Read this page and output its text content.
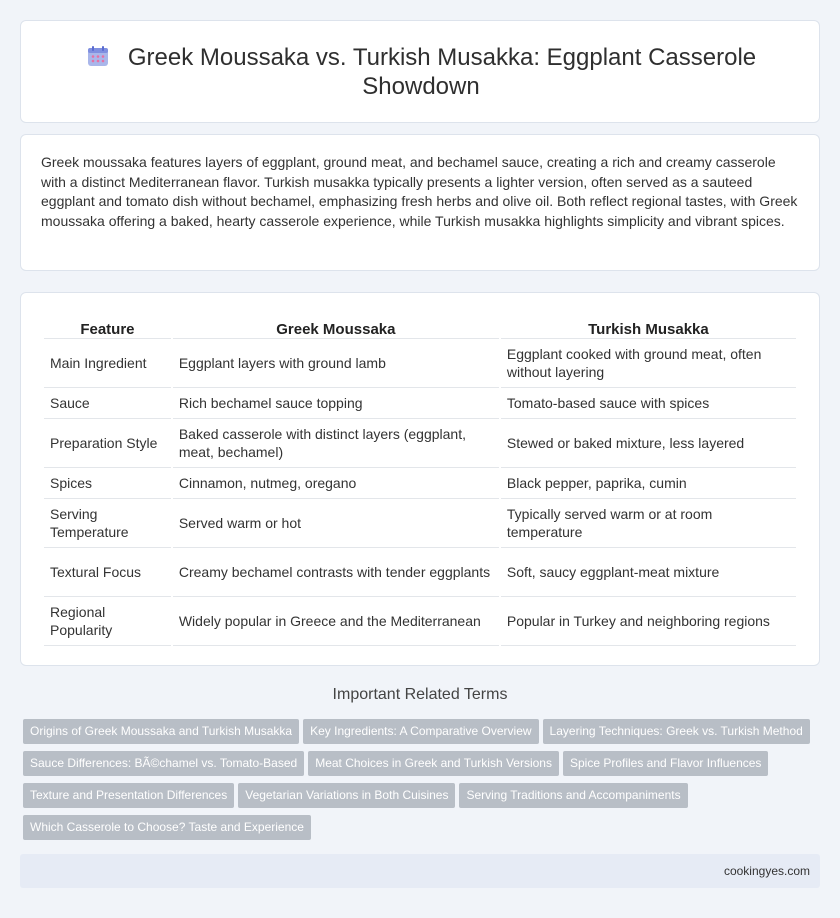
Greek Moussaka vs. Turkish Musakka: Eggplant Casserole Showdown

Greek moussaka features layers of eggplant, ground meat, and bechamel sauce, creating a rich and creamy casserole with a distinct Mediterranean flavor. Turkish musakka typically presents a lighter version, often served as a sauteed eggplant and tomato dish without bechamel, emphasizing fresh herbs and olive oil. Both reflect regional tastes, with Greek moussaka offering a baked, hearty casserole experience, while Turkish musakka highlights simplicity and vibrant spices.

Feature	Greek Moussaka	Turkish Musakka
Main Ingredient	Eggplant layers with ground lamb	Eggplant cooked with ground meat, often without layering
Sauce	Rich bechamel sauce topping	Tomato-based sauce with spices
Preparation Style	Baked casserole with distinct layers (eggplant, meat, bechamel)	Stewed or baked mixture, less layered
Spices	Cinnamon, nutmeg, oregano	Black pepper, paprika, cumin
Serving Temperature	Served warm or hot	Typically served warm or at room temperature
Textural Focus	Creamy bechamel contrasts with tender eggplants	Soft, saucy eggplant-meat mixture
Regional Popularity	Widely popular in Greece and the Mediterranean	Popular in Turkey and neighboring regions
Important Related Terms
Origins of Greek Moussaka and Turkish Musakka Key Ingredients: A Comparative Overview Layering Techniques: Greek vs. Turkish Method
Sauce Differences: BÃ©chamel vs. Tomato-Based Meat Choices in Greek and Turkish Versions Spice Profiles and Flavor Influences
Texture and Presentation Differences Vegetarian Variations in Both Cuisines Serving Traditions and Accompaniments
Which Casserole to Choose? Taste and Experience
cookingyes.com
